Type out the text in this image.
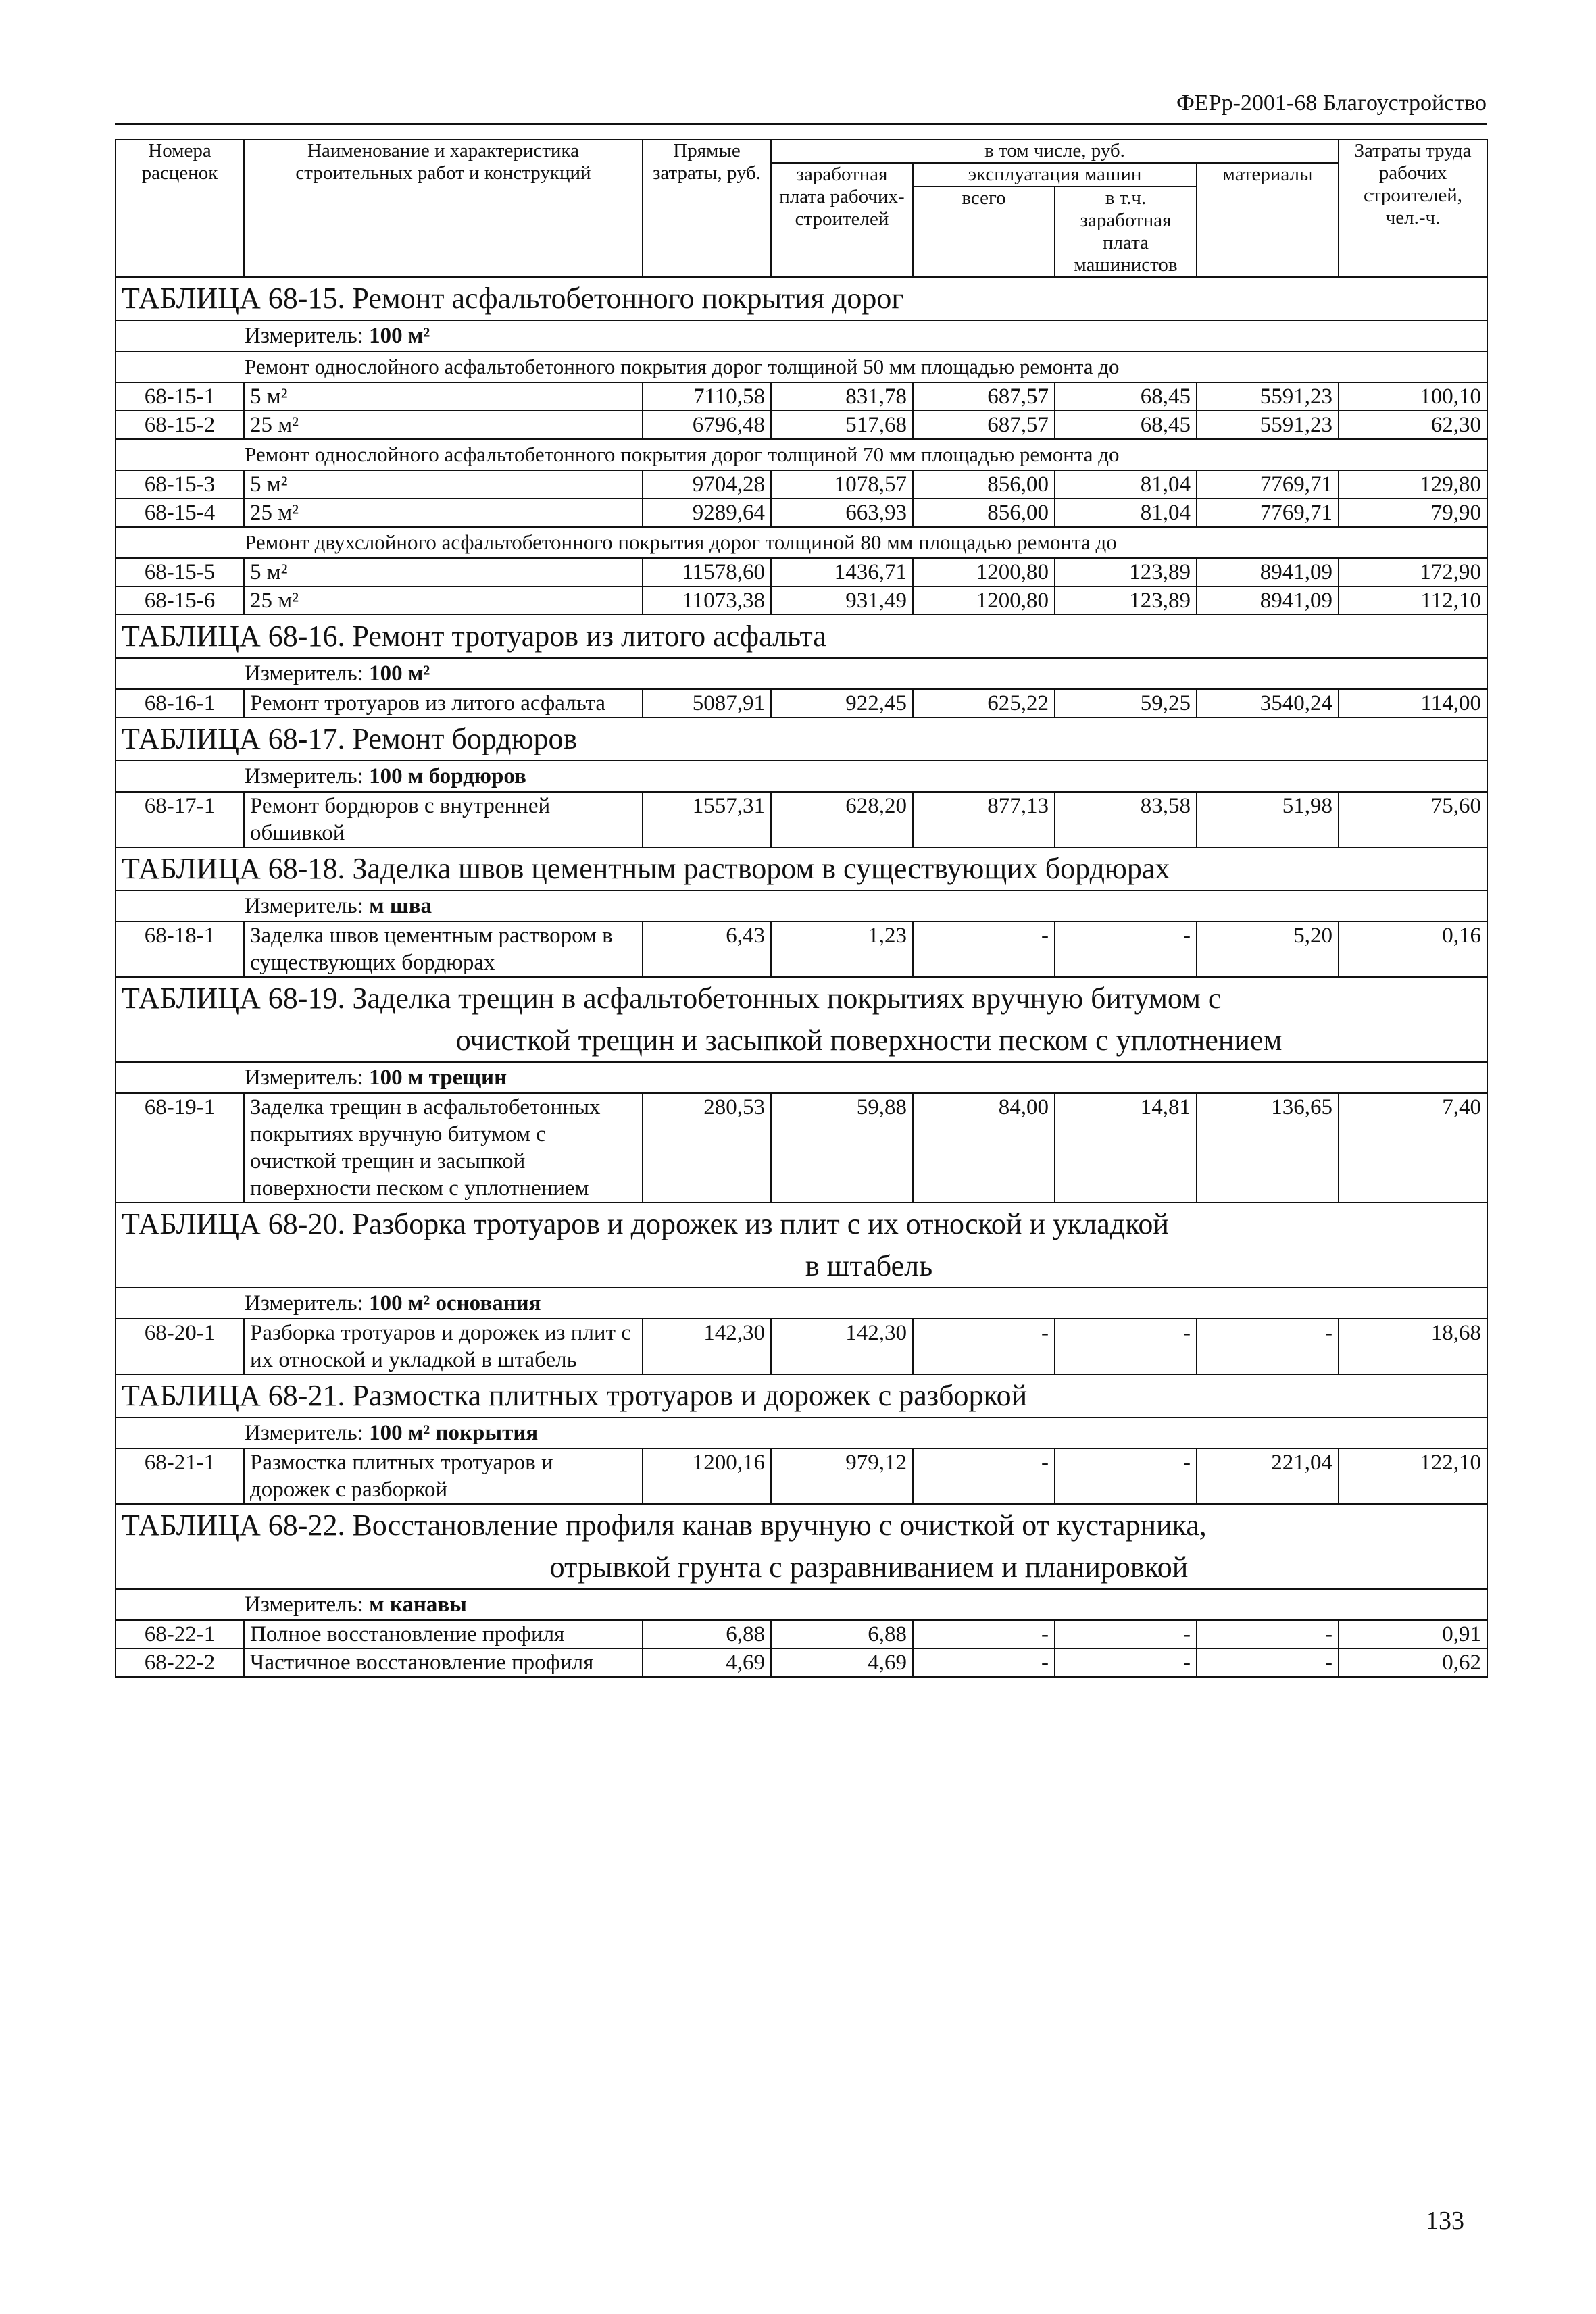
ФЕРр-2001-68 Благоустройство
Номера расценок	Наименование и характеристика строительных работ и конструкций	Прямые затраты, руб.	в том числе, руб.				Затраты труда рабочих строителей, чел.-ч.
			заработная плата рабочих-строителей	эксплуатация машин		материалы	
				всего	в т.ч. заработная плата машинистов		

ТАБЛИЦА 68-15. Ремонт асфальтобетонного покрытия дорог							

Измеритель: 100 м²							
Ремонт однослойного асфальтобетонного покрытия дорог толщиной 50 мм площадью ремонта до							
68-15-1	5 м²	7110,58	831,78	687,57	68,45	5591,23	100,10
68-15-2	25 м²	6796,48	517,68	687,57	68,45	5591,23	62,30
Ремонт однослойного асфальтобетонного покрытия дорог толщиной 70 мм площадью ремонта до							
68-15-3	5 м²	9704,28	1078,57	856,00	81,04	7769,71	129,80
68-15-4	25 м²	9289,64	663,93	856,00	81,04	7769,71	79,90
Ремонт двухслойного асфальтобетонного покрытия дорог толщиной 80 мм площадью ремонта до							
68-15-5	5 м²	11578,60	1436,71	1200,80	123,89	8941,09	172,90
68-15-6	25 м²	11073,38	931,49	1200,80	123,89	8941,09	112,10

ТАБЛИЦА 68-16. Ремонт тротуаров из литого асфальта							

Измеритель: 100 м²							
68-16-1	Ремонт тротуаров из литого асфальта	5087,91	922,45	625,22	59,25	3540,24	114,00

ТАБЛИЦА 68-17. Ремонт бордюров							

Измеритель: 100 м бордюров							
68-17-1	Ремонт бордюров с внутренней обшивкой	1557,31	628,20	877,13	83,58	51,98	75,60

ТАБЛИЦА 68-18. Заделка швов цементным раствором в существующих бордюрах							

Измеритель: м шва							
68-18-1	Заделка швов цементным раствором в существующих бордюрах	6,43	1,23	-	-	5,20	0,16

ТАБЛИЦА 68-19. Заделка трещин в асфальтобетонных покрытиях вручную битумом с
очисткой трещин и засыпкой поверхности песком с уплотнением							

Измеритель: 100 м трещин							
68-19-1	Заделка трещин в асфальтобетонных покрытиях вручную битумом с очисткой трещин и засыпкой поверхности песком с уплотнением	280,53	59,88	84,00	14,81	136,65	7,40

ТАБЛИЦА 68-20. Разборка тротуаров и дорожек из плит с их отноской и укладкой
в штабель							

Измеритель: 100 м² основания							
68-20-1	Разборка тротуаров и дорожек из плит с их отноской и укладкой в штабель	142,30	142,30	-	-	-	18,68

ТАБЛИЦА 68-21. Размостка плитных тротуаров и дорожек с разборкой							

Измеритель: 100 м² покрытия							
68-21-1	Размостка плитных тротуаров и дорожек с разборкой	1200,16	979,12	-	-	221,04	122,10

ТАБЛИЦА 68-22. Восстановление профиля канав вручную с очисткой от кустарника,
отрывкой грунта с разравниванием и планировкой							

Измеритель: м канавы							
68-22-1	Полное восстановление профиля	6,88	6,88	-	-	-	0,91
68-22-2	Частичное восстановление профиля	4,69	4,69	-	-	-	0,62
133
